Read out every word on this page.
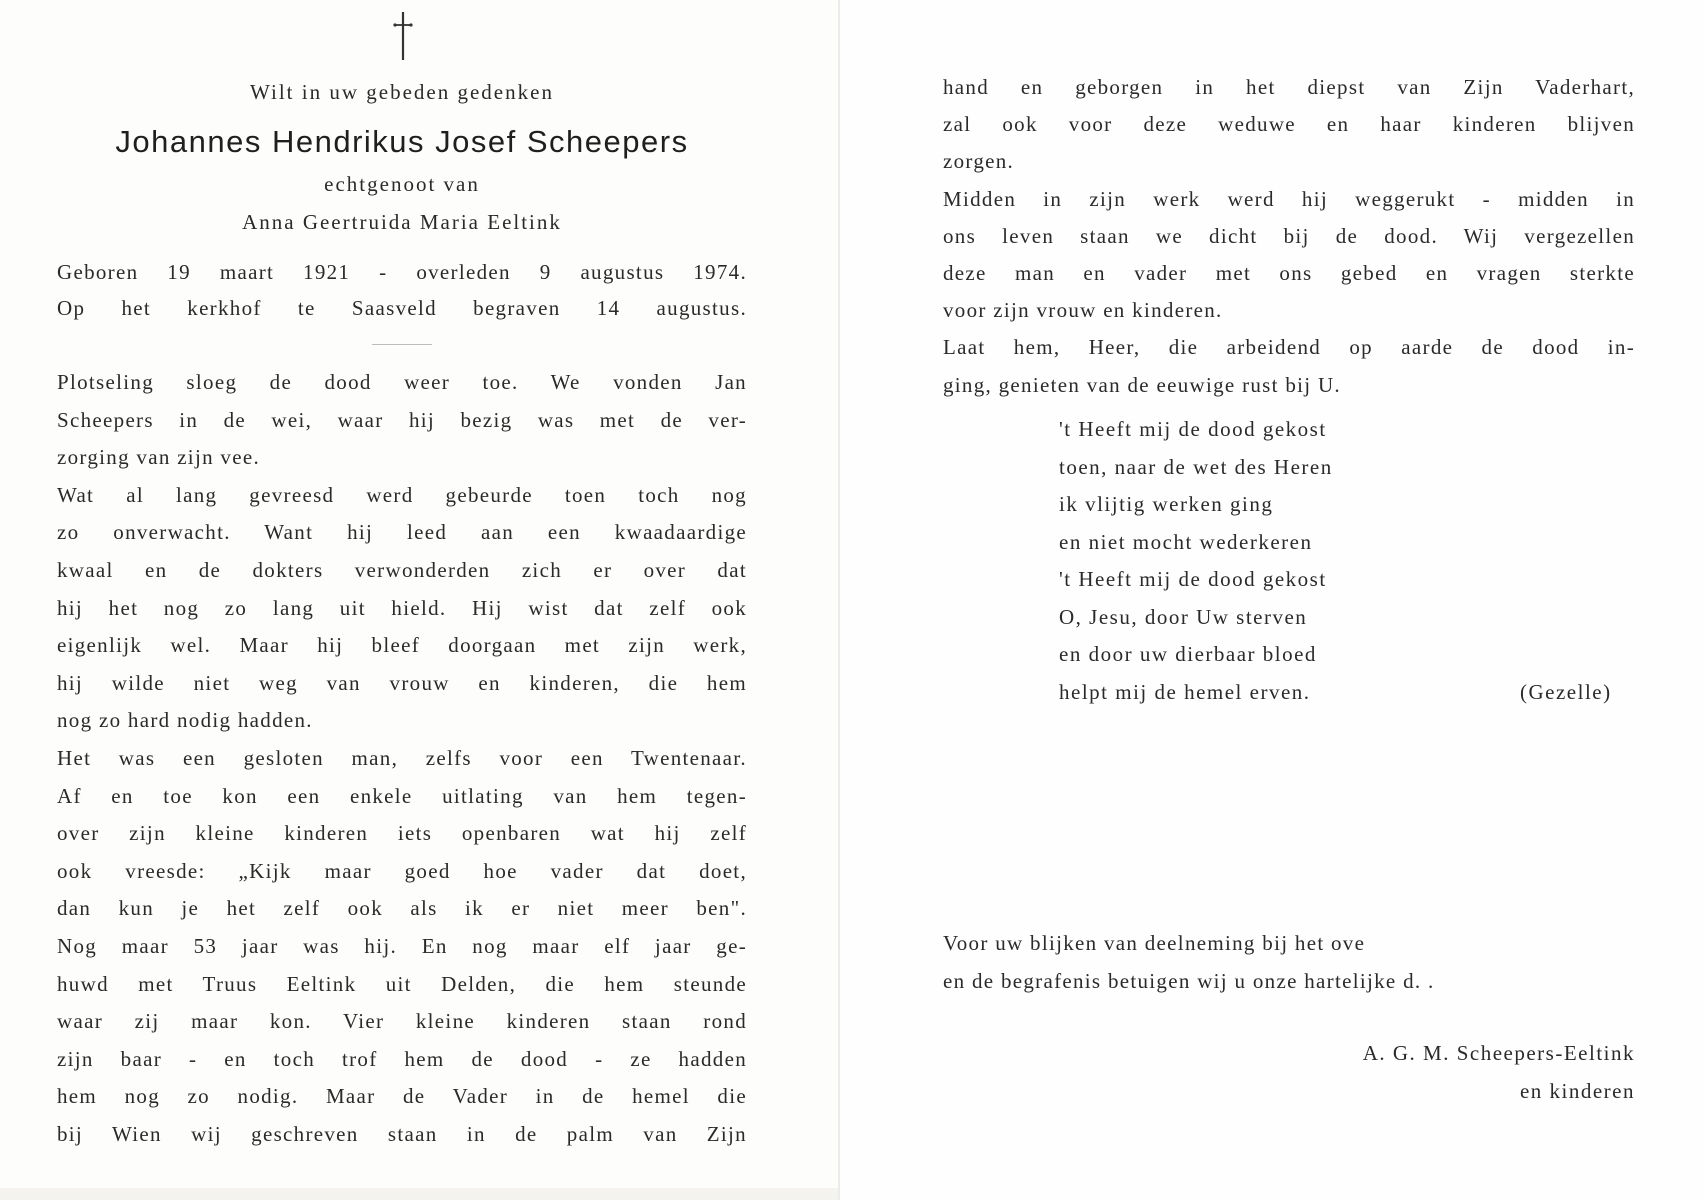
Wilt in uw gebeden gedenken
Johannes Hendrikus Josef Scheepers
echtgenoot van
Anna Geertruida Maria Eeltink
Geboren 19 maart 1921 - overleden 9 augustus 1974.
Op het kerkhof te Saasveld begraven 14 augustus.
Plotseling sloeg de dood weer toe. We vonden Jan
Scheepers in de wei, waar hij bezig was met de ver-
zorging van zijn vee.
Wat al lang gevreesd werd gebeurde toen toch nog
zo onverwacht. Want hij leed aan een kwaadaardige
kwaal en de dokters verwonderden zich er over dat
hij het nog zo lang uit hield. Hij wist dat zelf ook
eigenlijk wel. Maar hij bleef doorgaan met zijn werk,
hij wilde niet weg van vrouw en kinderen, die hem
nog zo hard nodig hadden.
Het was een gesloten man, zelfs voor een Twentenaar.
Af en toe kon een enkele uitlating van hem tegen-
over zijn kleine kinderen iets openbaren wat hij zelf
ook vreesde: „Kijk maar goed hoe vader dat doet,
dan kun je het zelf ook als ik er niet meer ben".
Nog maar 53 jaar was hij. En nog maar elf jaar ge-
huwd met Truus Eeltink uit Delden, die hem steunde
waar zij maar kon. Vier kleine kinderen staan rond
zijn baar - en toch trof hem de dood - ze hadden
hem nog zo nodig. Maar de Vader in de hemel die
bij Wien wij geschreven staan in de palm van Zijn
hand en geborgen in het diepst van Zijn Vaderhart,
zal ook voor deze weduwe en haar kinderen blijven
zorgen.
Midden in zijn werk werd hij weggerukt - midden in
ons leven staan we dicht bij de dood. Wij vergezellen
deze man en vader met ons gebed en vragen sterkte
voor zijn vrouw en kinderen.
Laat hem, Heer, die arbeidend op aarde de dood in-
ging, genieten van de eeuwige rust bij U.
't Heeft mij de dood gekost
toen, naar de wet des Heren
ik vlijtig werken ging
en niet mocht wederkeren
't Heeft mij de dood gekost
O, Jesu, door Uw sterven
en door uw dierbaar bloed
helpt mij de hemel erven.	(Gezelle)
Voor uw blijken van deelneming bij het ove
en de begrafenis betuigen wij u onze hartelijke d. .
A. G. M. Scheepers-Eeltink
en kinderen
